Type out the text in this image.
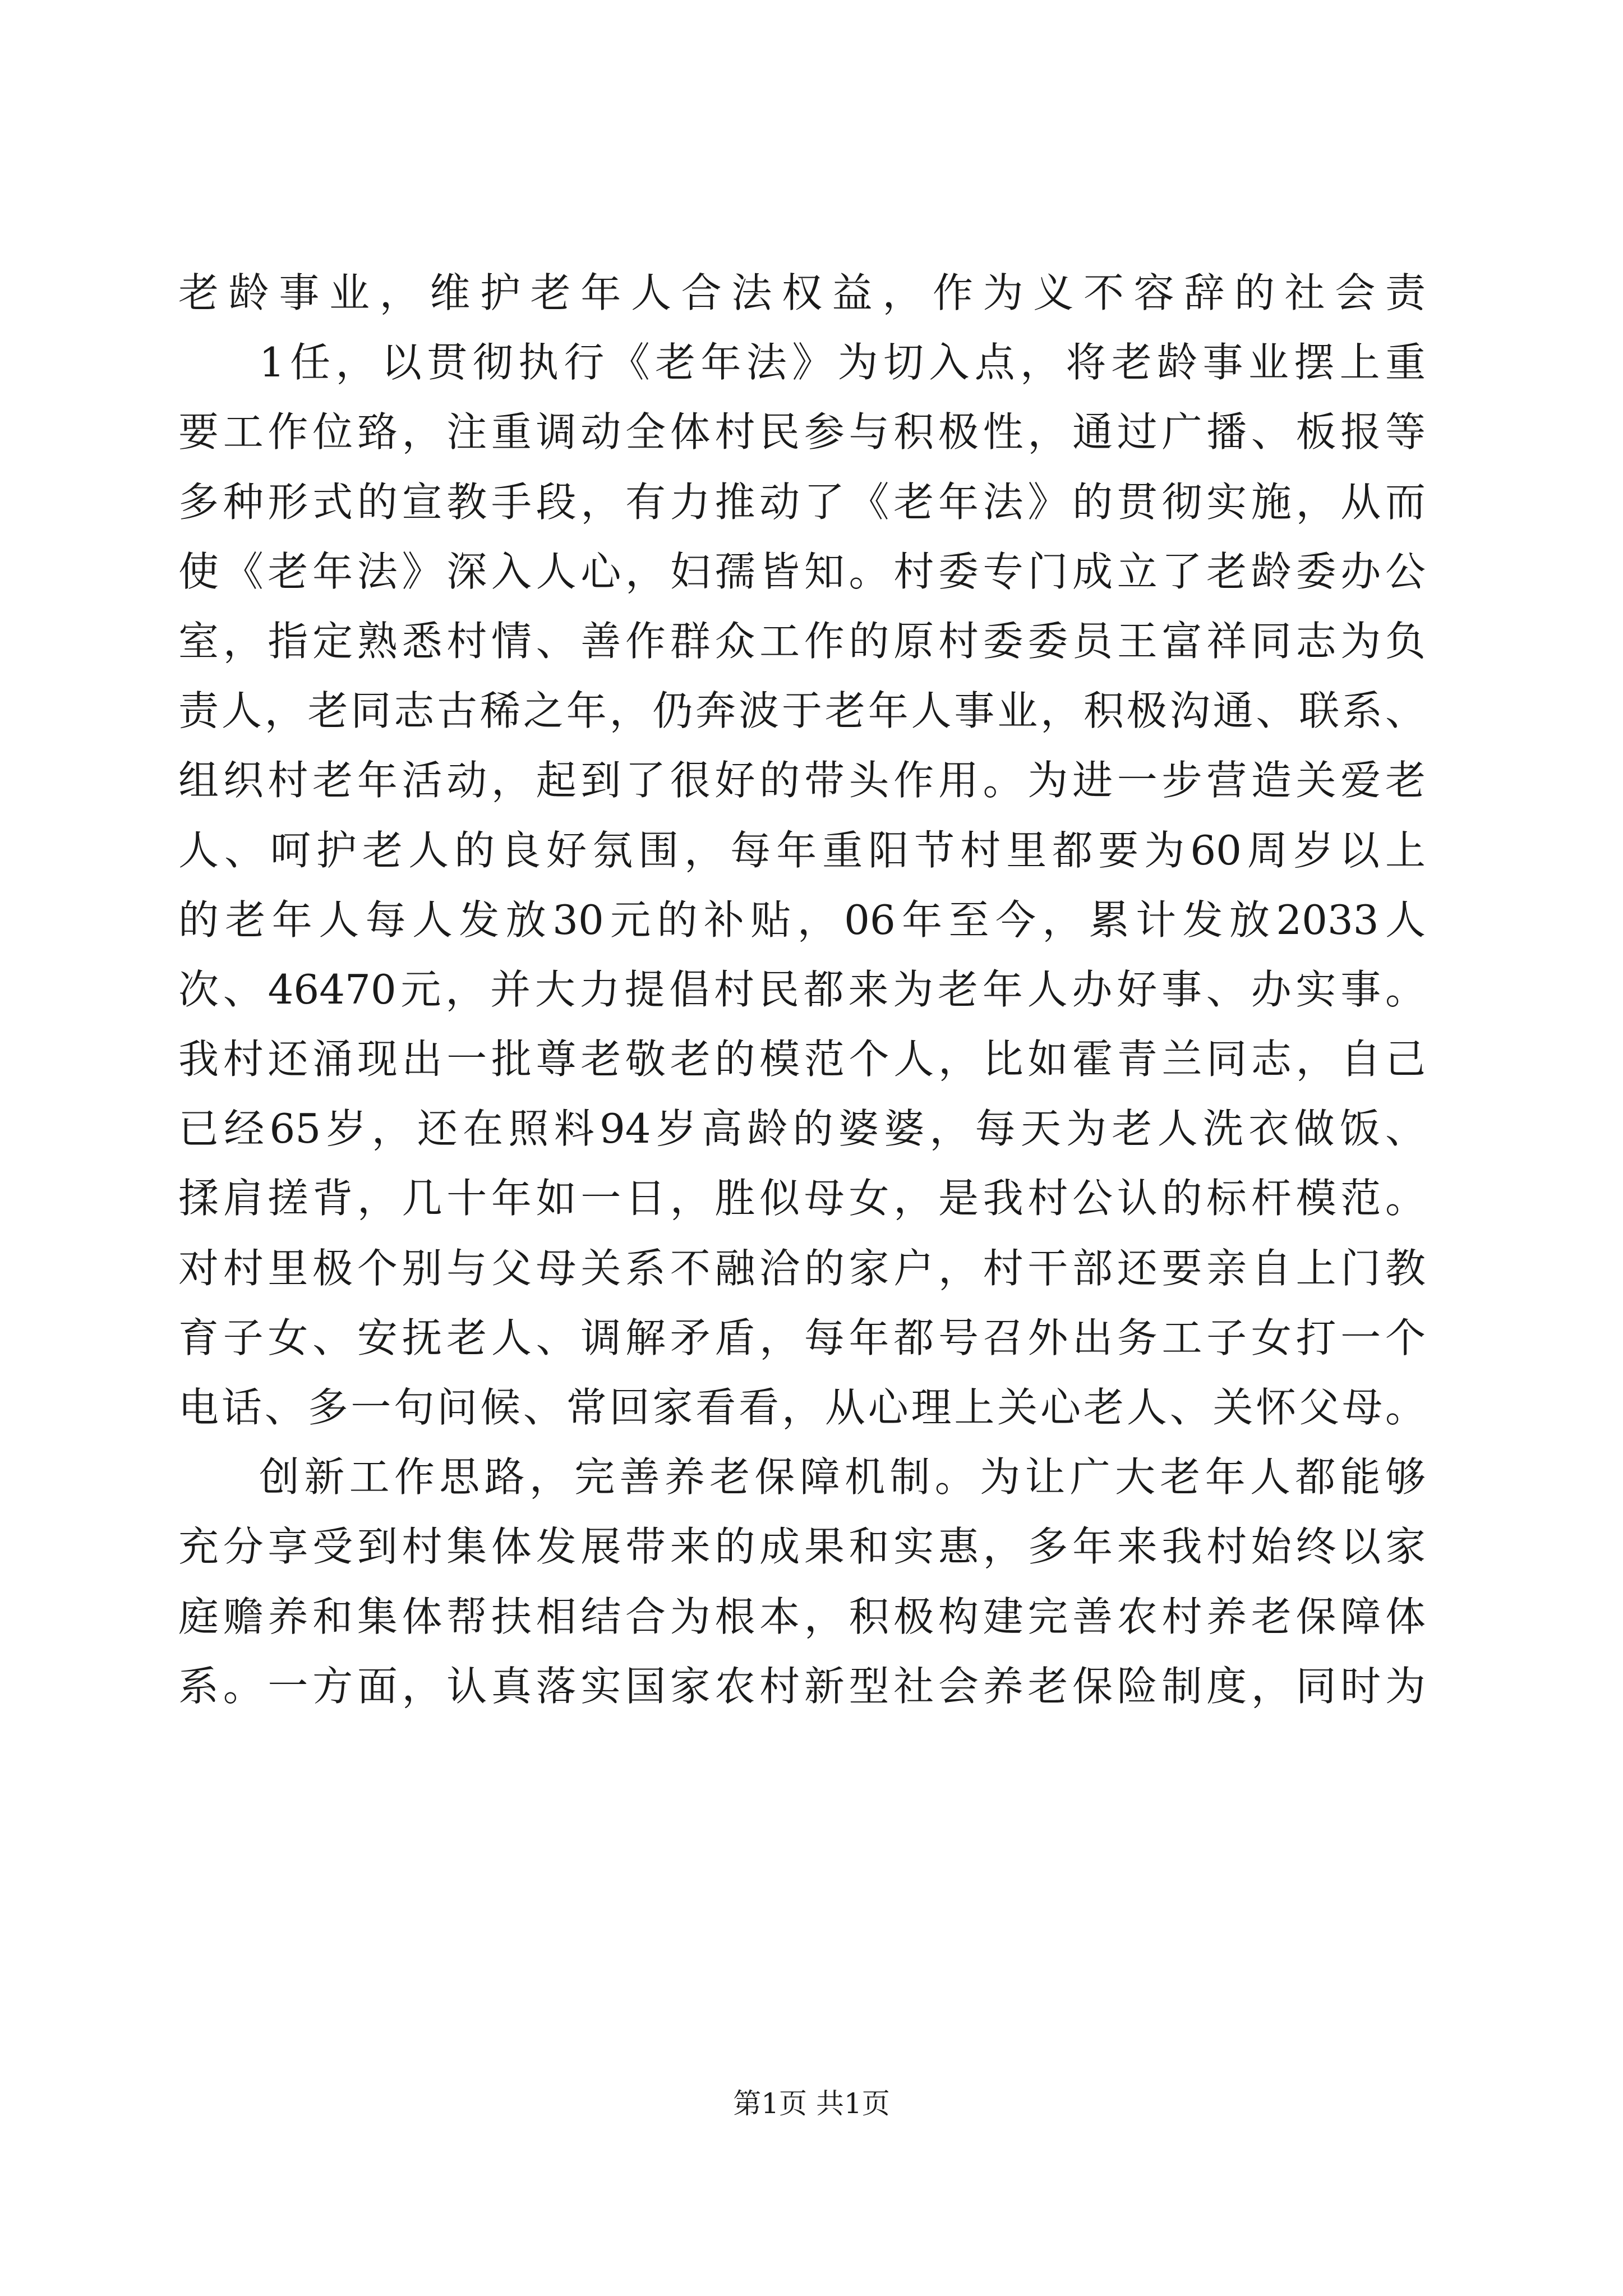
老龄事业，维护老年人合法权益，作为义不容辞的社会责
1任，以贯彻执行《老年法》为切入点，将老龄事业摆上重
要工作位臵，注重调动全体村民参与积极性，通过广播、板报等
多种形式的宣教手段，有力推动了《老年法》的贯彻实施，从而
使《老年法》深入人心，妇孺皆知。村委专门成立了老龄委办公
室，指定熟悉村情、善作群众工作的原村委委员王富祥同志为负
责人，老同志古稀之年，仍奔波于老年人事业，积极沟通、联系、
组织村老年活动，起到了很好的带头作用。为进一步营造关爱老
人、呵护老人的良好氛围，每年重阳节村里都要为60周岁以上
的老年人每人发放30元的补贴，06年至今，累计发放2033人
次、46470元，并大力提倡村民都来为老年人办好事、办实事。
我村还涌现出一批尊老敬老的模范个人，比如霍青兰同志，自己
已经65岁，还在照料94岁高龄的婆婆，每天为老人洗衣做饭、
揉肩搓背，几十年如一日，胜似母女，是我村公认的标杆模范。
对村里极个别与父母关系不融洽的家户，村干部还要亲自上门教
育子女、安抚老人、调解矛盾，每年都号召外出务工子女打一个
电话、多一句问候、常回家看看，从心理上关心老人、关怀父母。
创新工作思路，完善养老保障机制。为让广大老年人都能够
充分享受到村集体发展带来的成果和实惠，多年来我村始终以家
庭赡养和集体帮扶相结合为根本，积极构建完善农村养老保障体
系。一方面，认真落实国家农村新型社会养老保险制度，同时为
第1页 共1页
